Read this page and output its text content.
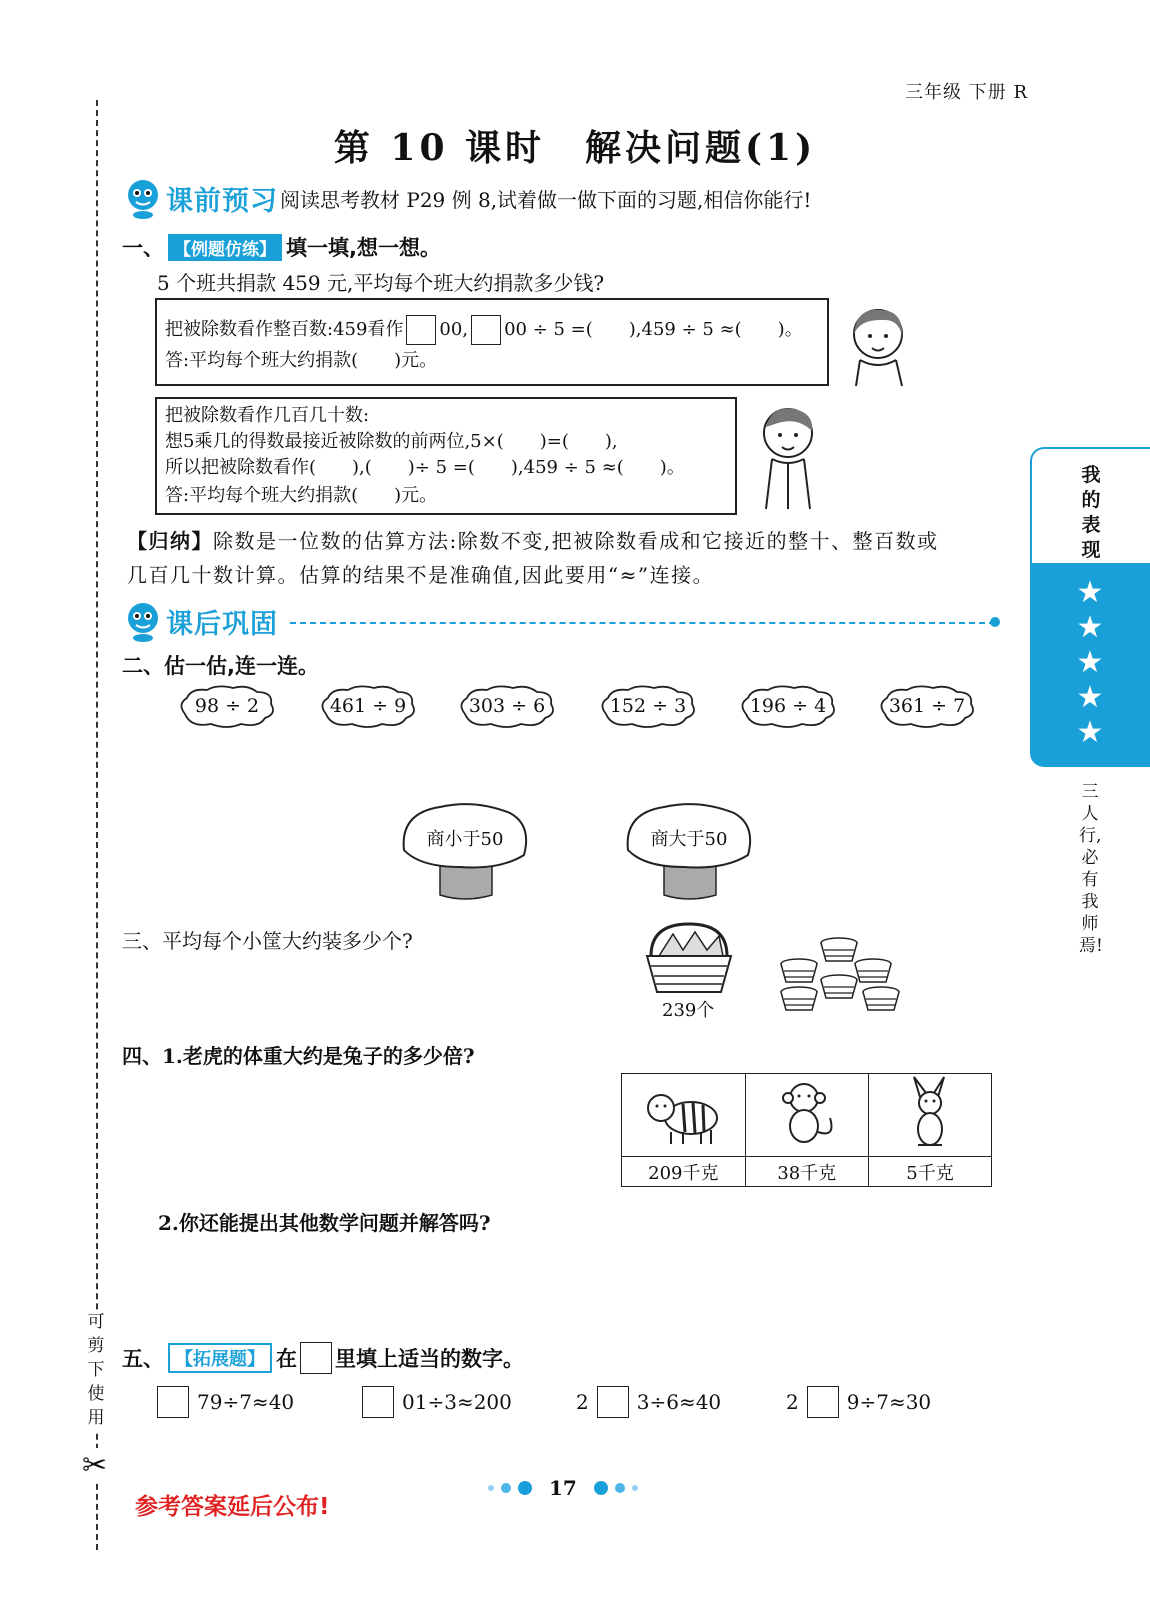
可剪下使用
✂
三年级 下册 R
第 10 课时　解决问题(1)
课前预习 阅读思考教材 P29 例 8,试着做一做下面的习题,相信你能行!
一、 【例题仿练】 填一填,想一想。
5 个班共捐款 459 元,平均每个班大约捐款多少钱?

把被除数看作整百数:459看作 00, 00 ÷ 5 =(　　),459 ÷ 5 ≈(　　)。

答:平均每个班大约捐款(　　)元。

把被除数看作几百几十数:

想5乘几的得数最接近被除数的前两位,5×(　　)=(　　),

所以把被除数看作(　　),(　　)÷ 5 =(　　),459 ÷ 5 ≈(　　)。

答:平均每个班大约捐款(　　)元。

【归纳】除数是一位数的估算方法:除数不变,把被除数看成和它接近的整十、整百数或
几百几十数计算。估算的结果不是准确值,因此要用“≈”连接。
课后巩固
二、估一估,连一连。
98 ÷ 2	461 ÷ 9	303 ÷ 6	152 ÷ 3	196 ÷ 4	361 ÷ 7
商小于50	商大于50
三、平均每个小筐大约装多少个?
239个
四、1.老虎的体重大约是兔子的多少倍?

209千克	38千克	5千克
2.你还能提出其他数学问题并解答吗?
五、 【拓展题】 在 里填上适当的数字。
79÷7≈40	01÷3≈200	2 3÷6≈40	2 9÷7≈30
17
参考答案延后公布!
我的表现
★
★
★
★
★
三人行,必有我师焉!
